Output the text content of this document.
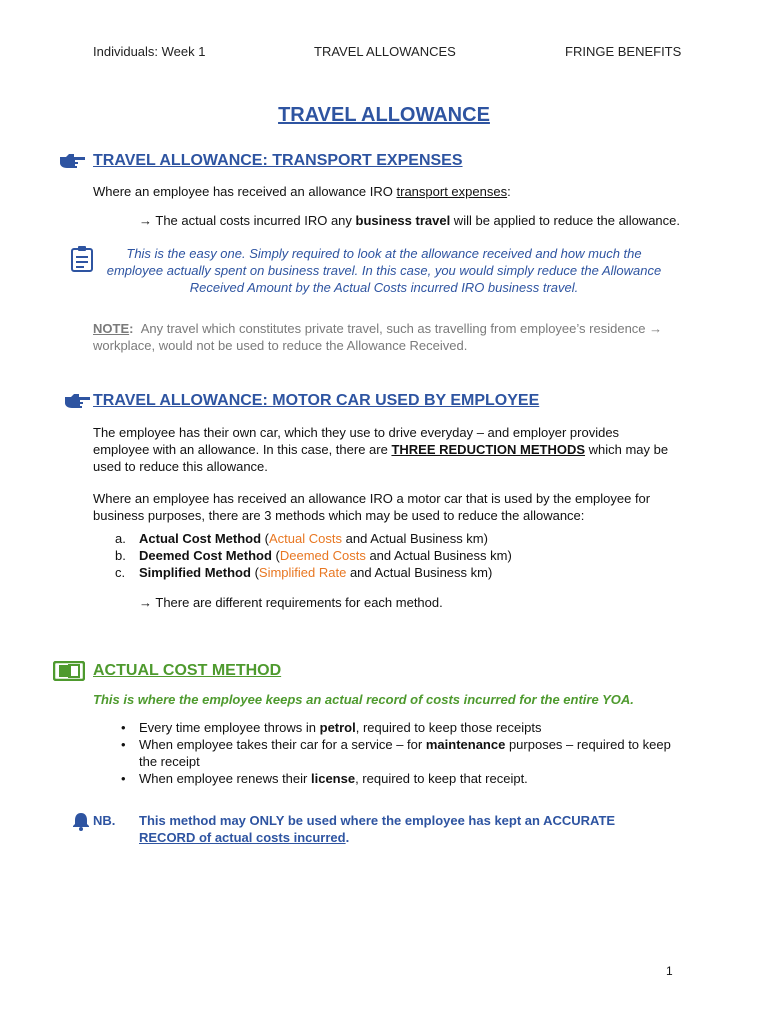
Individuals: Week 1	TRAVEL ALLOWANCES	FRINGE BENEFITS
TRAVEL ALLOWANCE
TRAVEL ALLOWANCE: TRANSPORT EXPENSES
Where an employee has received an allowance IRO transport expenses:
→ The actual costs incurred IRO any business travel will be applied to reduce the allowance.
This is the easy one. Simply required to look at the allowance received and how much the employee actually spent on business travel. In this case, you would simply reduce the Allowance Received Amount by the Actual Costs incurred IRO business travel.
NOTE: Any travel which constitutes private travel, such as travelling from employee’s residence →
workplace, would not be used to reduce the Allowance Received.
TRAVEL ALLOWANCE: MOTOR CAR USED BY EMPLOYEE
The employee has their own car, which they use to drive everyday – and employer provides employee with an allowance. In this case, there are THREE REDUCTION METHODS which may be used to reduce this allowance.
Where an employee has received an allowance IRO a motor car that is used by the employee for business purposes, there are 3 methods which may be used to reduce the allowance:
a. Actual Cost Method (Actual Costs and Actual Business km)
b. Deemed Cost Method (Deemed Costs and Actual Business km)
c. Simplified Method (Simplified Rate and Actual Business km)
→ There are different requirements for each method.
ACTUAL COST METHOD
This is where the employee keeps an actual record of costs incurred for the entire YOA.
• Every time employee throws in petrol, required to keep those receipts
• When employee takes their car for a service – for maintenance purposes – required to keep the receipt
• When employee renews their license, required to keep that receipt.
NB. This method may ONLY be used where the employee has kept an ACCURATE RECORD of actual costs incurred.
1
